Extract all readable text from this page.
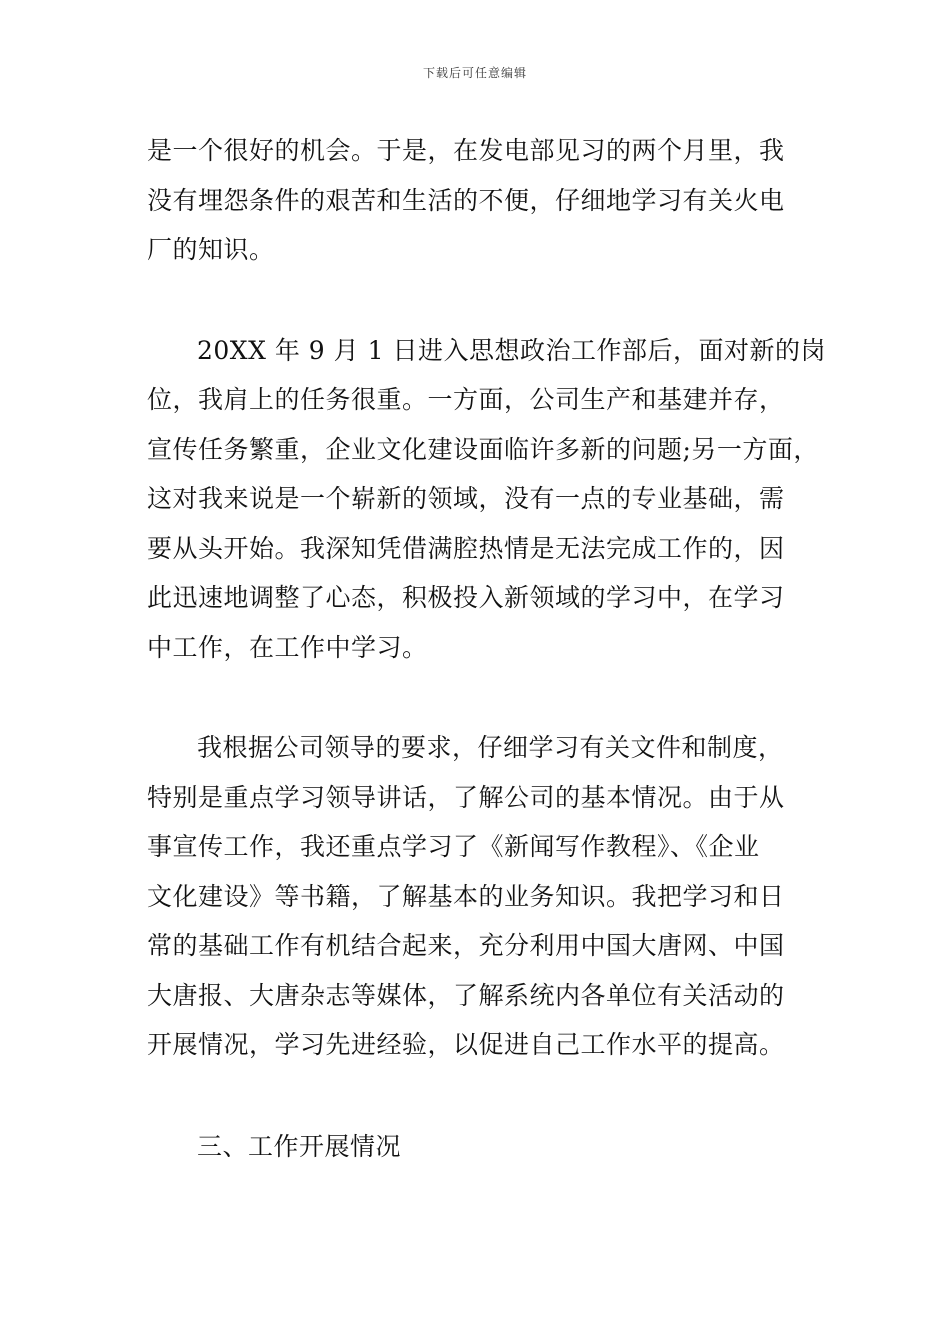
下载后可任意编辑
是一个很好的机会。于是，在发电部见习的两个月里，我
没有埋怨条件的艰苦和生活的不便，仔细地学习有关火电
厂的知识。
20XX 年 9 月 1 日进入思想政治工作部后，面对新的岗
位，我肩上的任务很重。一方面，公司生产和基建并存，
宣传任务繁重，企业文化建设面临许多新的问题;另一方面，
这对我来说是一个崭新的领域，没有一点的专业基础，需
要从头开始。我深知凭借满腔热情是无法完成工作的，因
此迅速地调整了心态，积极投入新领域的学习中，在学习
中工作，在工作中学习。
我根据公司领导的要求，仔细学习有关文件和制度，
特别是重点学习领导讲话，了解公司的基本情况。由于从
事宣传工作，我还重点学习了《新闻写作教程》、《企业
文化建设》等书籍，了解基本的业务知识。我把学习和日
常的基础工作有机结合起来，充分利用中国大唐网、中国
大唐报、大唐杂志等媒体，了解系统内各单位有关活动的
开展情况，学习先进经验，以促进自己工作水平的提高。
三、工作开展情况
